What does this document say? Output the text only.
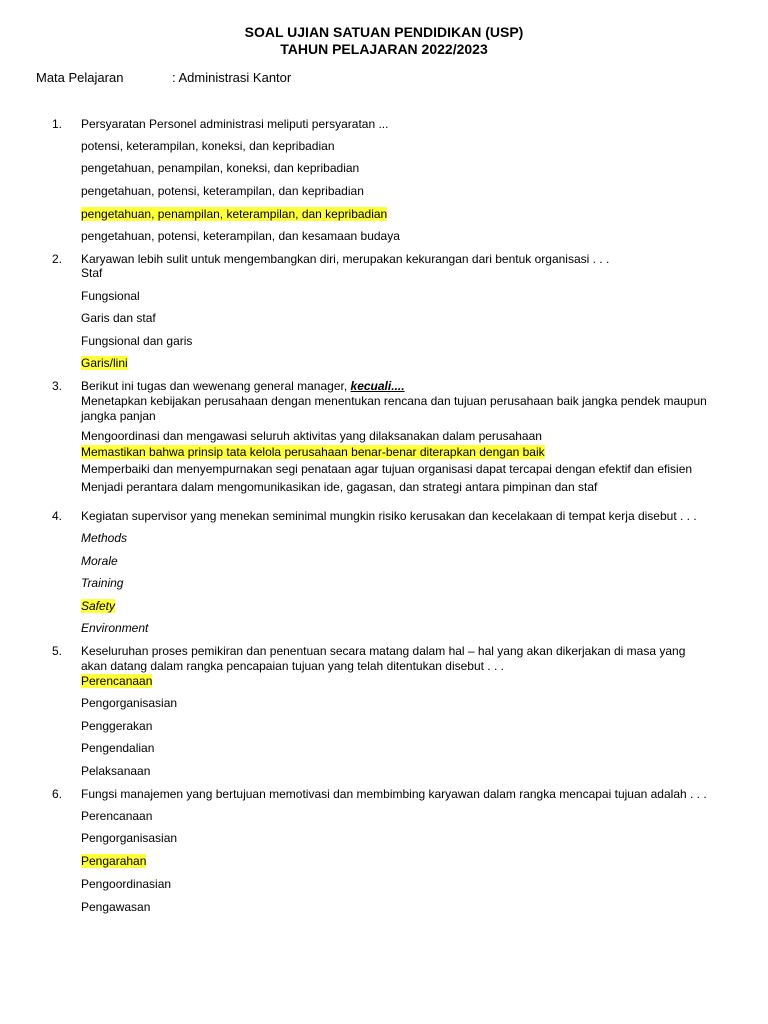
SOAL UJIAN SATUAN PENDIDIKAN (USP)
TAHUN PELAJARAN 2022/2023
Mata Pelajaran	: Administrasi Kantor
1. Persyaratan Personel administrasi meliputi persyaratan ...
potensi, keterampilan, koneksi, dan kepribadian
pengetahuan, penampilan, koneksi, dan kepribadian
pengetahuan, potensi, keterampilan, dan kepribadian
pengetahuan, penampilan, keterampilan, dan kepribadian
pengetahuan, potensi, keterampilan, dan kesamaan budaya
2. Karyawan lebih sulit untuk mengembangkan diri, merupakan kekurangan dari bentuk organisasi . . .
Staf
Fungsional
Garis dan staf
Fungsional dan garis
Garis/lini
3. Berikut ini tugas dan wewenang general manager, kecuali....
Menetapkan kebijakan perusahaan dengan menentukan rencana dan tujuan perusahaan baik jangka pendek maupun jangka panjan
Mengoordinasi dan mengawasi seluruh aktivitas yang dilaksanakan dalam perusahaan
Memastikan bahwa prinsip tata kelola perusahaan benar-benar diterapkan dengan baik
Memperbaiki dan menyempurnakan segi penataan agar tujuan organisasi dapat tercapai dengan efektif dan efisien
Menjadi perantara dalam mengomunikasikan ide, gagasan, dan strategi antara pimpinan dan staf
4. Kegiatan supervisor yang menekan seminimal mungkin risiko kerusakan dan kecelakaan di tempat kerja disebut . . .
Methods
Morale
Training
Safety
Environment
5. Keseluruhan proses pemikiran dan penentuan secara matang dalam hal – hal yang akan dikerjakan di masa yang
akan datang dalam rangka pencapaian tujuan yang telah ditentukan disebut . . .
Perencanaan
Pengorganisasian
Penggerakan
Pengendalian
Pelaksanaan
6. Fungsi manajemen yang bertujuan memotivasi dan membimbing karyawan dalam rangka mencapai tujuan adalah . . .
Perencanaan
Pengorganisasian
Pengarahan
Pengoordinasian
Pengawasan
